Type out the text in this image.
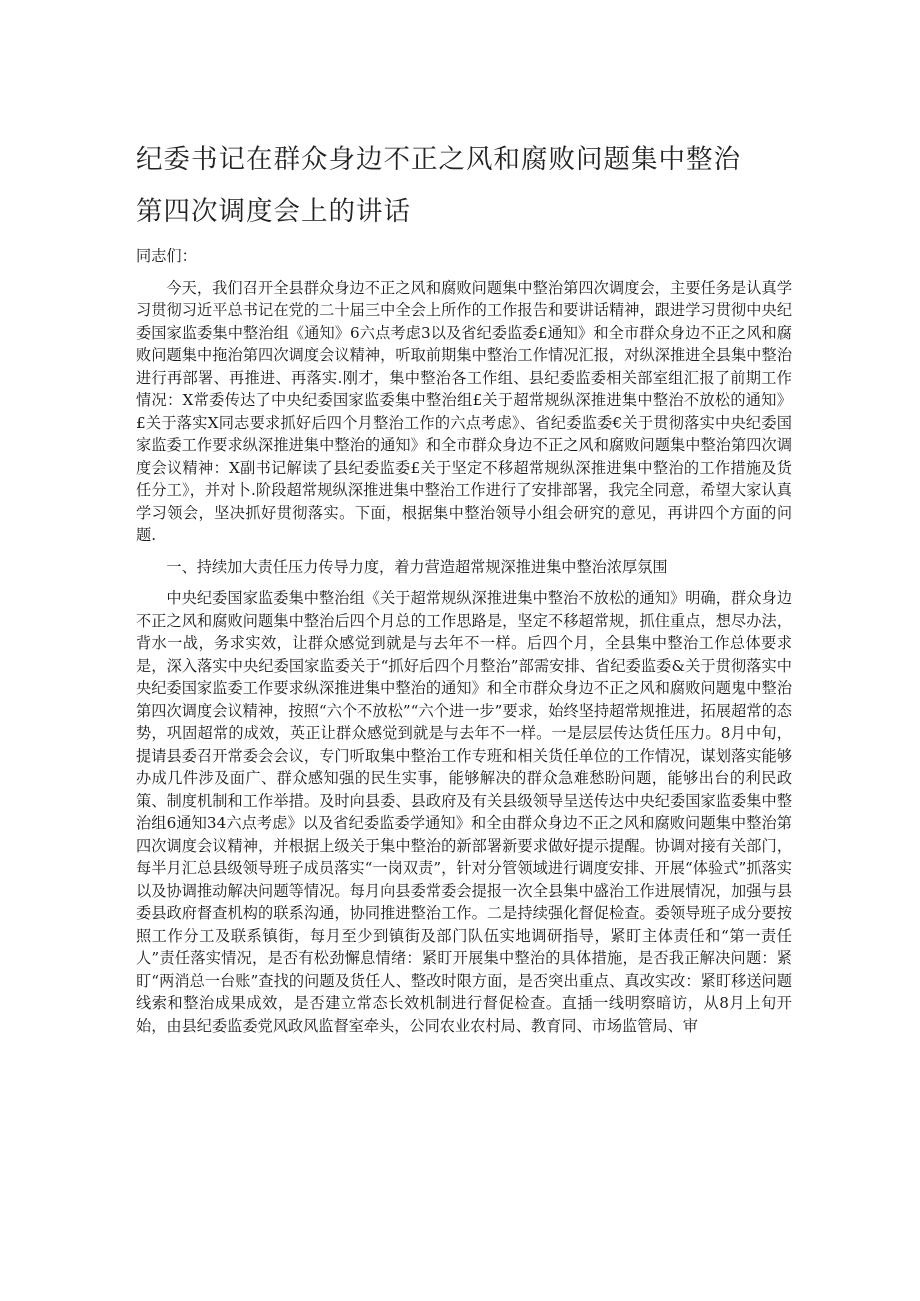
纪委书记在群众身边不正之风和腐败问题集中整治
第四次调度会上的讲话

同志们：

今天，我们召开全县群众身边不正之风和腐败问题集中整治第四次调度会，主要任务是认真学习贯彻习近平总书记在党的二十届三中全会上所作的工作报告和要讲话精神，跟进学习贯彻中央纪委国家监委集中整治组《通知》6六点考虑3以及省纪委监委£通知》和全市群众身边不正之风和腐败问题集中拖治第四次调度会议精神，听取前期集中整治工作情况汇报，对纵深推进全县集中整治进行再部署、再推进、再落实.刚才，集中整治各工作组、县纪委监委相关部室组汇报了前期工作情况：X常委传达了中央纪委国家监委集中整治组£关于超常规纵深推进集中整治不放松的通知》£关于落实X同志要求抓好后四个月整治工作的六点考虑》、省纪委监委€关于贯彻落实中央纪委国家监委工作要求纵深推进集中整治的通知》和全市群众身边不正之风和腐败问题集中整治第四次调度会议精神：X副书记解读了县纪委监委£关于坚定不移超常规纵深推进集中整治的工作措施及货任分工》，并对卜.阶段超常规纵深推进集中整治工作进行了安排部署，我完全同意，希望大家认真学习领会，坚决抓好贯彻落实。下面，根据集中整治领导小组会研究的意见，再讲四个方面的问题.

一、持续加大责任压力传导力度，着力营造超常规深推进集中整治浓厚氛围

中央纪委国家监委集中整治组《关于超常规纵深推进集中整治不放松的通知》明确，群众身边不正之风和腐败问题集中整治后四个月总的工作思路是，坚定不移超常规，抓住重点，想尽办法，背水一战，务求实效，让群众感觉到就是与去年不一样。后四个月，全县集中整治工作总体要求是，深入落实中央纪委国家监委关于“抓好后四个月整治”部需安排、省纪委监委&关于贯彻落实中央纪委国家监委工作要求纵深推进集中整治的通知》和全市群众身边不正之风和腐败问题鬼中整治第四次调度会议精神，按照“六个不放松”“六个进一步”要求，始终坚持超常规推进，拓展超常的态势，巩固超常的成效，英正让群众感觉到就是与去年不一样。一是层层传达货任压力。8月中旬，提请县委召开常委会会议，专门听取集中整治工作专班和相关货任单位的工作情况，谋划落实能够办成几件涉及面广、群众感知强的民生实事，能够解决的群众急难愁盼问题，能够出台的利民政策、制度机制和工作举措。及时向县委、县政府及有关县级领导呈送传达中央纪委国家监委集中整治组6通知34六点考虑》以及省纪委监委学通知》和全由群众身边不正之风和腐败问题集中整治第四次调度会议精神，并根据上级关于集中整治的新部署新要求做好提示提醒。协调对接有关部门，每半月汇总县级领导班子成员落实“一岗双责”，针对分管领域进行调度安排、开展“体验式”抓落实以及协调推动解决问题等情况。每月向县委常委会提报一次全县集中盛治工作进展情况，加强与县委县政府督查机构的联系沟通，协同推进整治工作。二是持续强化督促检查。委领导班子成分要按照工作分工及联系镇街，每月至少到镇街及部门队伍实地调研指导，紧盯主体责任和“第一责任人”责任落实情况，是否有松劲懈息情绪：紧盯开展集中整治的具体措施，是否我正解决问题：紧盯“两消总一台账”查找的问题及货任人、整改时限方面，是否突出重点、真改实改：紧盯移送问题线索和整治成果成效，是否建立常态长效机制进行督促检查。直插一线明察暗访，从8月上旬开始，由县纪委监委党风政风监督室牵头，公同农业农村局、教育同、市场监管局、审
